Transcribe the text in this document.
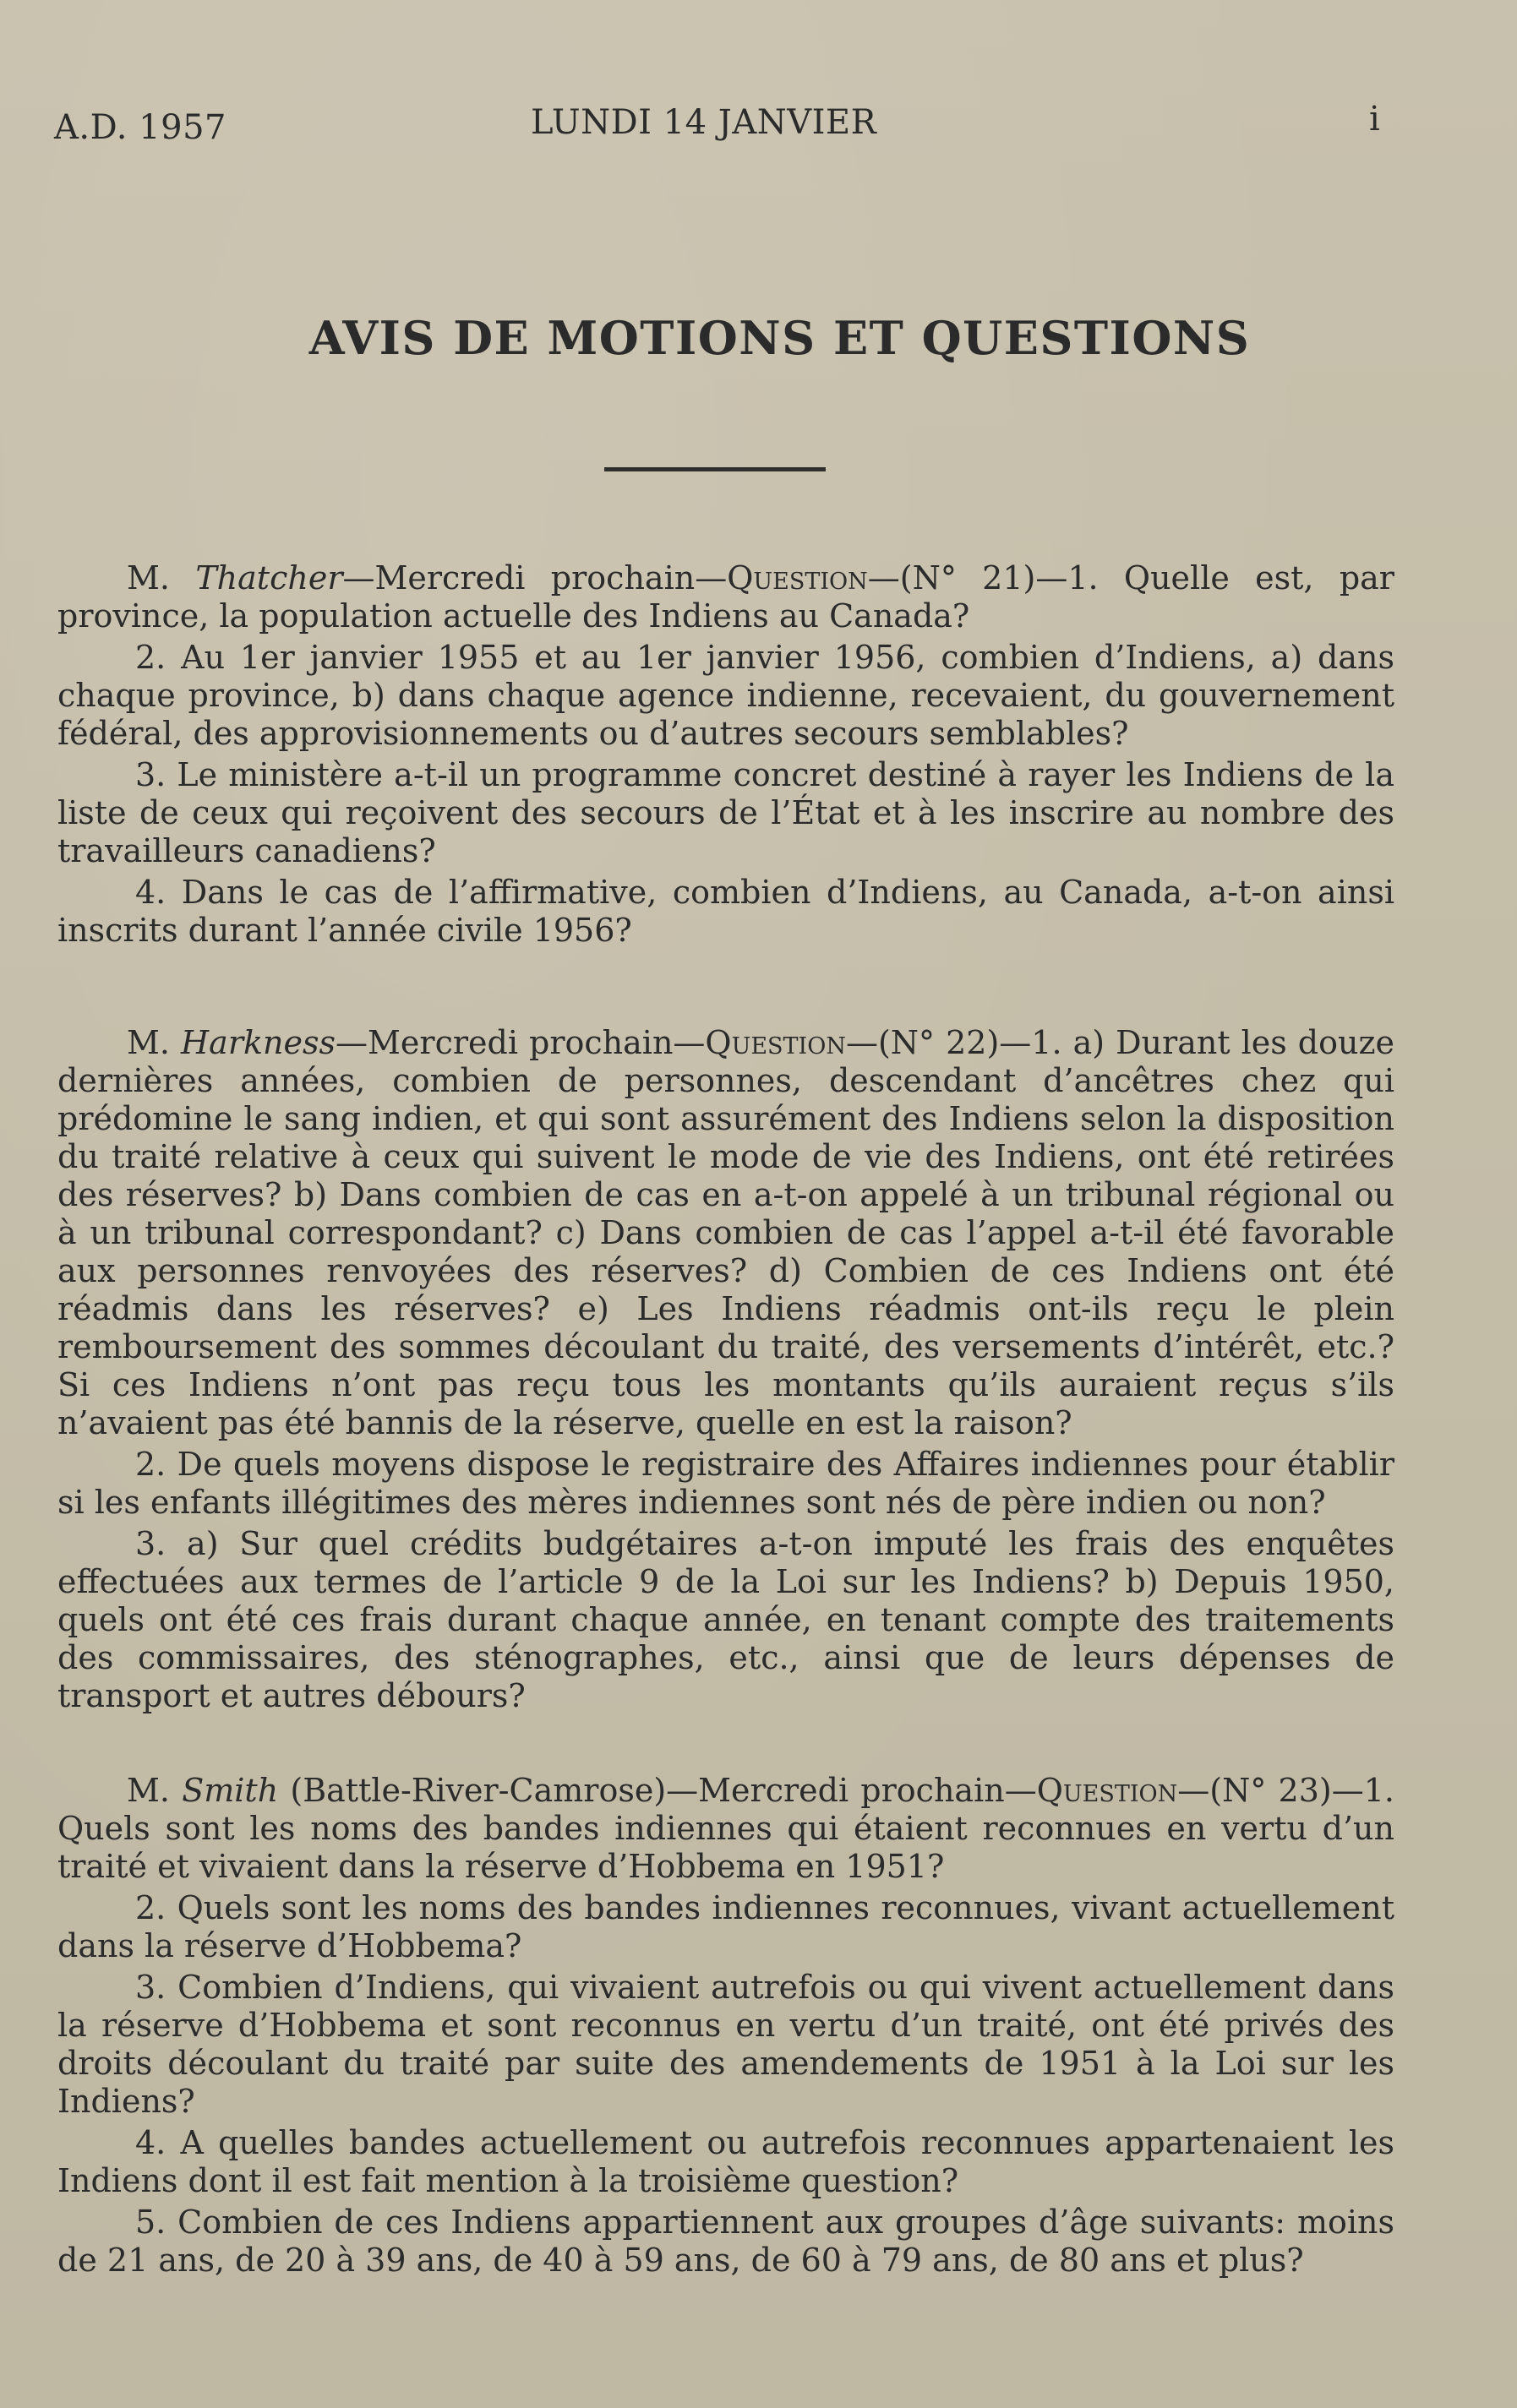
A.D. 1957	LUNDI 14 JANVIER	i
AVIS DE MOTIONS ET QUESTIONS

M. Thatcher—Mercredi prochain—Question—(N° 21)—1. Quelle est, par province, la population actuelle des Indiens au Canada?

2. Au 1er janvier 1955 et au 1er janvier 1956, combien d’Indiens, a) dans chaque province, b) dans chaque agence indienne, recevaient, du gouvernement fédéral, des approvisionnements ou d’autres secours semblables?

3. Le ministère a-t-il un programme concret destiné à rayer les Indiens de la liste de ceux qui reçoivent des secours de l’État et à les inscrire au nombre des travailleurs canadiens?

4. Dans le cas de l’affirmative, combien d’Indiens, au Canada, a-t-on ainsi inscrits durant l’année civile 1956?

M. Harkness—Mercredi prochain—Question—(N° 22)—1. a) Durant les douze dernières années, combien de personnes, descendant d’ancêtres chez qui prédomine le sang indien, et qui sont assurément des Indiens selon la disposition du traité relative à ceux qui suivent le mode de vie des Indiens, ont été retirées des réserves? b) Dans combien de cas en a-t-on appelé à un tribunal régional ou à un tribunal correspondant? c) Dans combien de cas l’appel a-t-il été favorable aux personnes renvoyées des réserves? d) Combien de ces Indiens ont été réadmis dans les réserves? e) Les Indiens réadmis ont-ils reçu le plein remboursement des sommes découlant du traité, des versements d’intérêt, etc.? Si ces Indiens n’ont pas reçu tous les montants qu’ils auraient reçus s’ils n’avaient pas été bannis de la réserve, quelle en est la raison?

2. De quels moyens dispose le registraire des Affaires indiennes pour établir si les enfants illégitimes des mères indiennes sont nés de père indien ou non?

3. a) Sur quel crédits budgétaires a-t-on imputé les frais des enquêtes effectuées aux termes de l’article 9 de la Loi sur les Indiens? b) Depuis 1950, quels ont été ces frais durant chaque année, en tenant compte des traitements des commissaires, des sténographes, etc., ainsi que de leurs dépenses de transport et autres débours?

M. Smith (Battle-River-Camrose)—Mercredi prochain—Question—(N° 23)—1. Quels sont les noms des bandes indiennes qui étaient reconnues en vertu d’un traité et vivaient dans la réserve d’Hobbema en 1951?

2. Quels sont les noms des bandes indiennes reconnues, vivant actuellement dans la réserve d’Hobbema?

3. Combien d’Indiens, qui vivaient autrefois ou qui vivent actuellement dans la réserve d’Hobbema et sont reconnus en vertu d’un traité, ont été privés des droits découlant du traité par suite des amendements de 1951 à la Loi sur les Indiens?

4. A quelles bandes actuellement ou autrefois reconnues appartenaient les Indiens dont il est fait mention à la troisième question?

5. Combien de ces Indiens appartiennent aux groupes d’âge suivants: moins de 21 ans, de 20 à 39 ans, de 40 à 59 ans, de 60 à 79 ans, de 80 ans et plus?
